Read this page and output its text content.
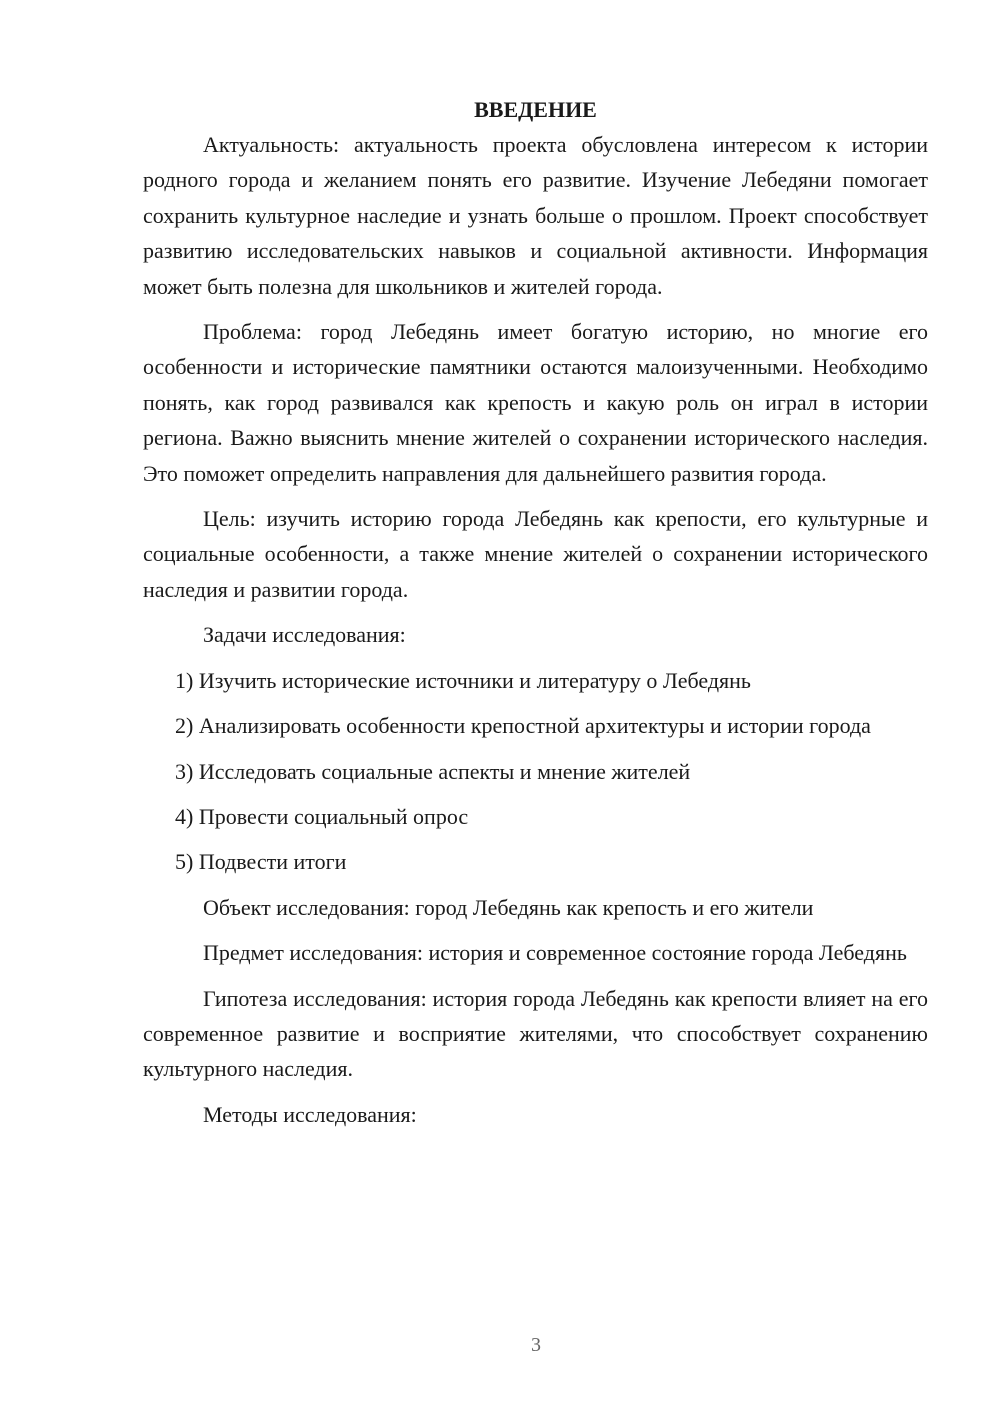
ВВЕДЕНИЕ

Актуальность: актуальность проекта обусловлена интересом к истории родного города и желанием понять его развитие. Изучение Лебедяни помогает сохранить культурное наследие и узнать больше о прошлом. Проект способствует развитию исследовательских навыков и социальной активности. Информация может быть полезна для школьников и жителей города.

Проблема: город Лебедянь имеет богатую историю, но многие его особенности и исторические памятники остаются малоизученными. Необходимо понять, как город развивался как крепость и какую роль он играл в истории региона. Важно выяснить мнение жителей о сохранении исторического наследия. Это поможет определить направления для дальнейшего развития города.

Цель: изучить историю города Лебедянь как крепости, его культурные и социальные особенности, а также мнение жителей о сохранении исторического наследия и развитии города.

Задачи исследования:

1) Изучить исторические источники и литературу о Лебедянь

2) Анализировать особенности крепостной архитектуры и истории города

3) Исследовать социальные аспекты и мнение жителей

4) Провести социальный опрос

5) Подвести итоги

Объект исследования: город Лебедянь как крепость и его жители

Предмет исследования: история и современное состояние города Лебедянь

Гипотеза исследования: история города Лебедянь как крепости влияет на его современное развитие и восприятие жителями, что способствует сохранению культурного наследия.

Методы исследования:

3
